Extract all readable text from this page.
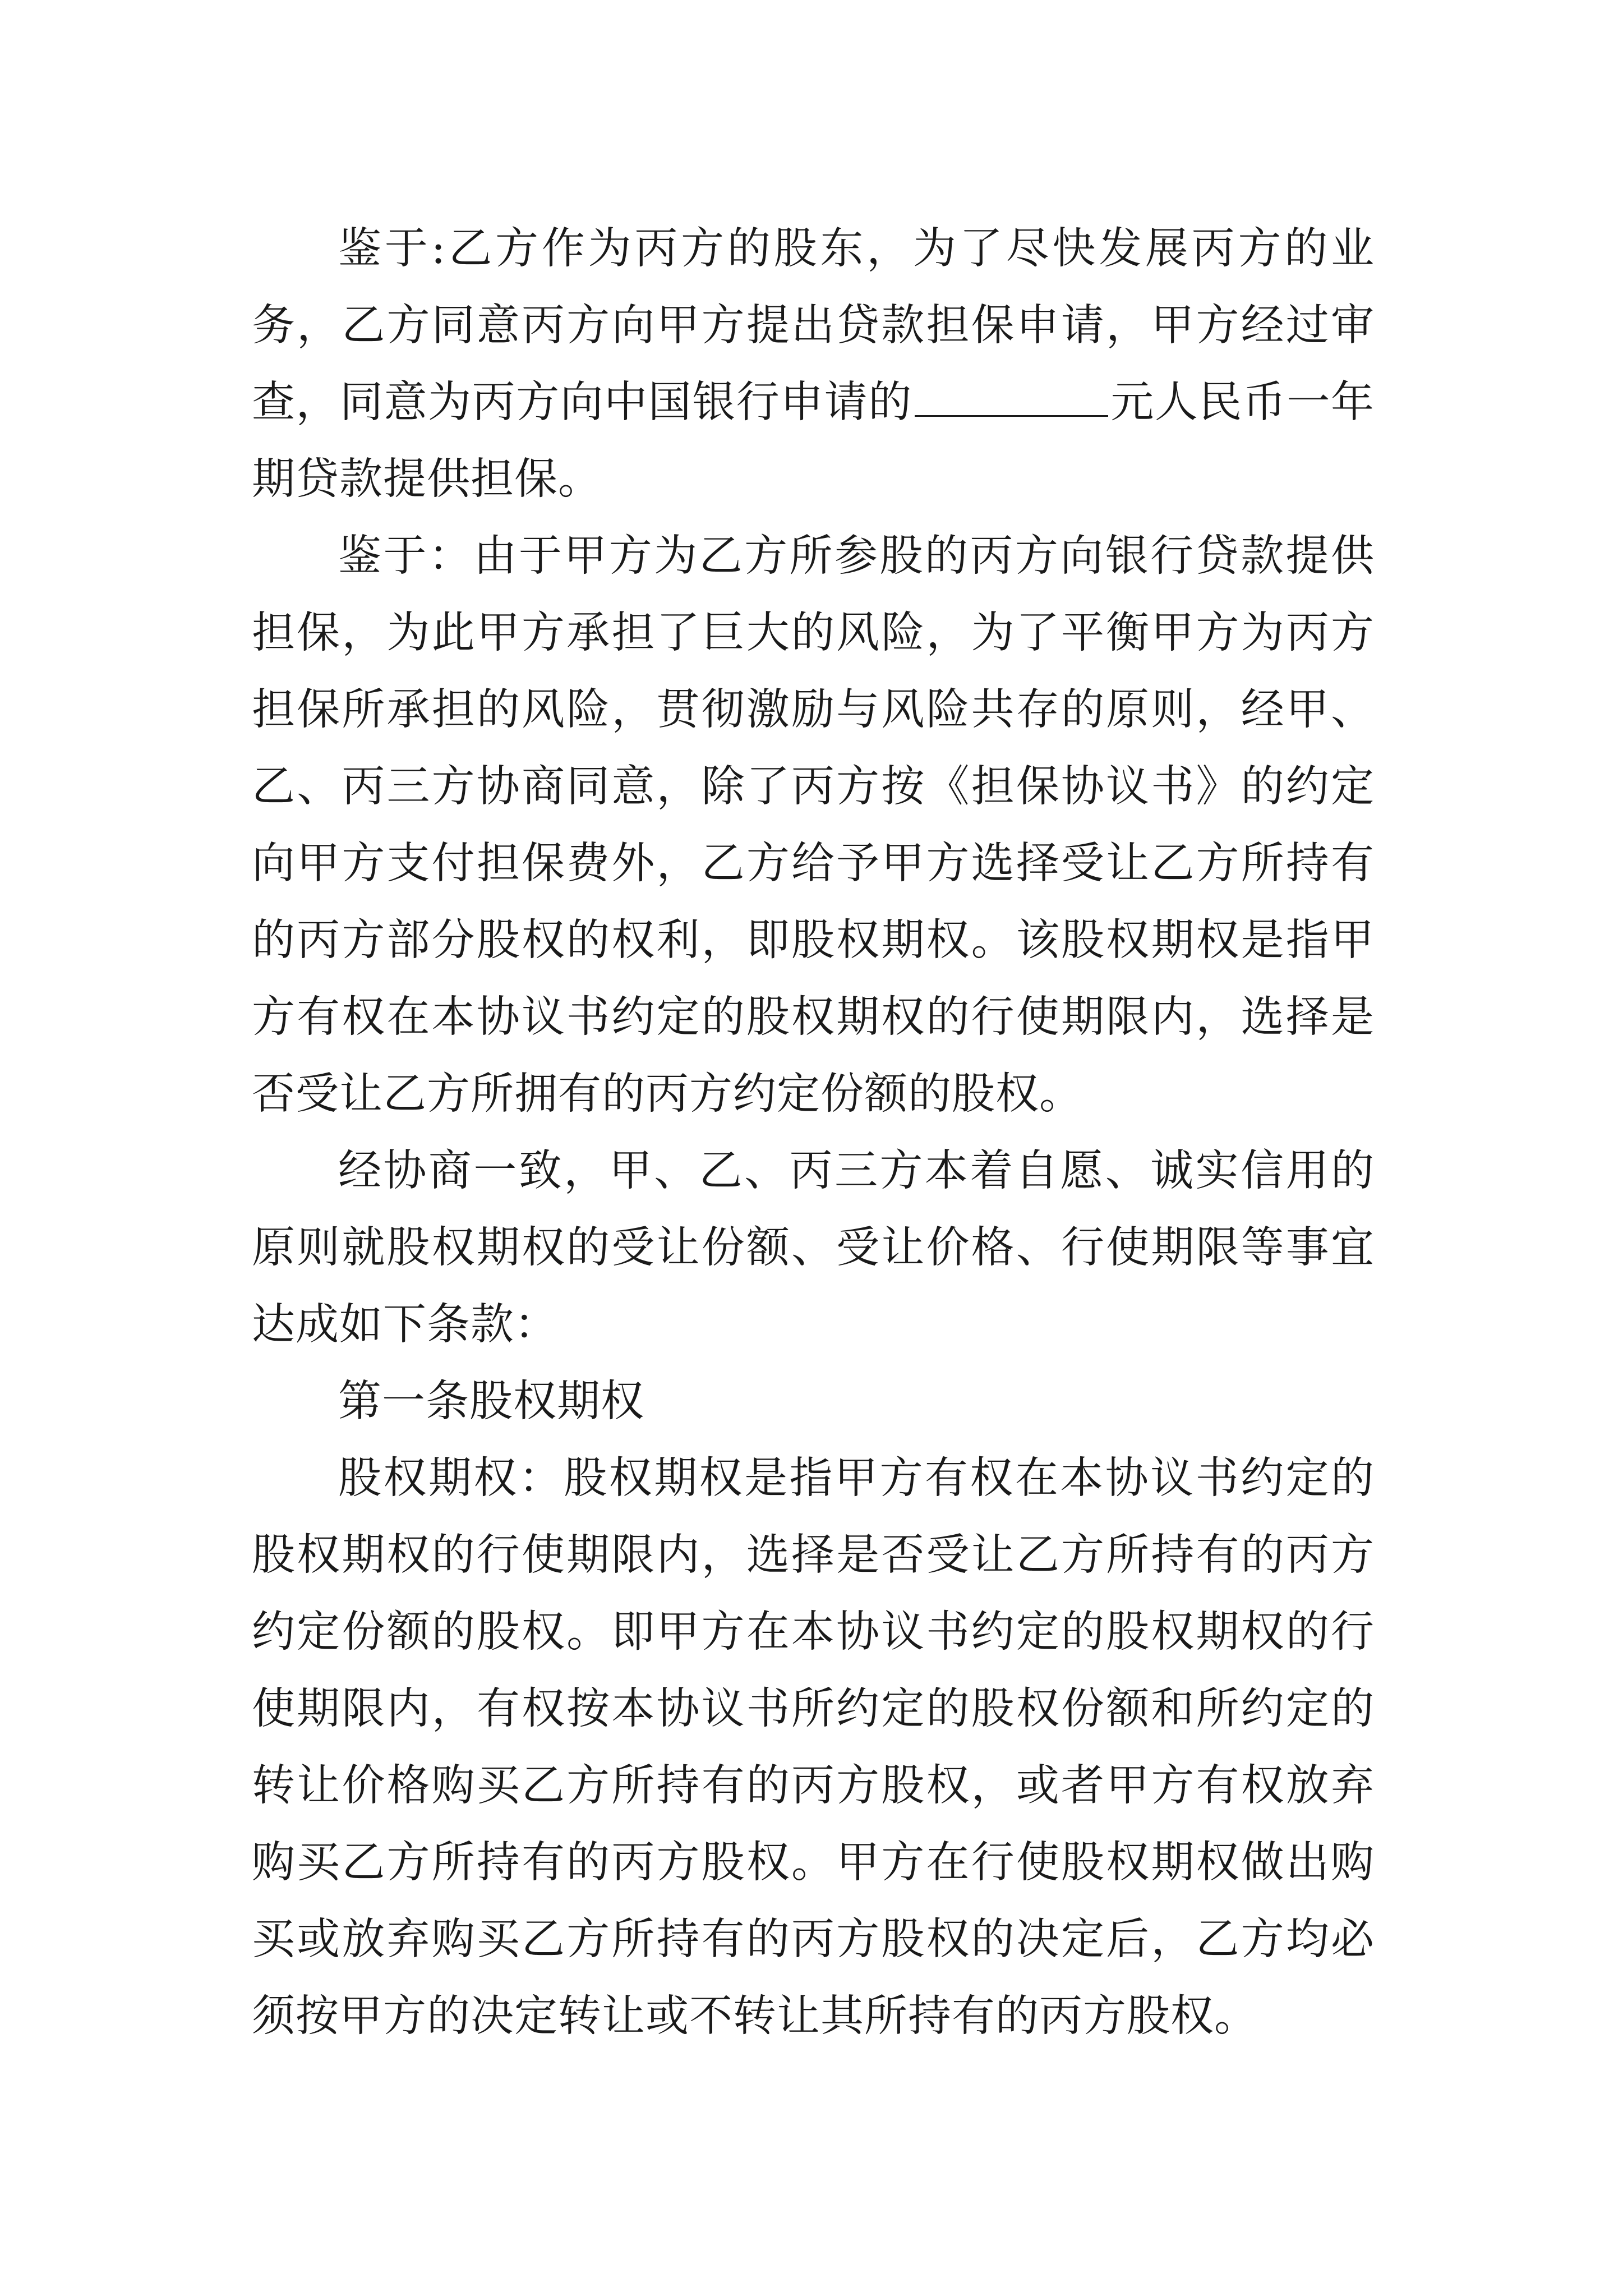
鉴于:乙方作为丙方的股东，为了尽快发展丙方的业务，乙方同意丙方向甲方提出贷款担保申请，甲方经过审查，同意为丙方向中国银行申请的	元人民币一年期贷款提供担保。

鉴于：由于甲方为乙方所参股的丙方向银行贷款提供担保，为此甲方承担了巨大的风险，为了平衡甲方为丙方担保所承担的风险，贯彻激励与风险共存的原则，经甲、乙、丙三方协商同意，除了丙方按《担保协议书》的约定向甲方支付担保费外，乙方给予甲方选择受让乙方所持有的丙方部分股权的权利，即股权期权。该股权期权是指甲方有权在本协议书约定的股权期权的行使期限内，选择是否受让乙方所拥有的丙方约定份额的股权。

经协商一致，甲、乙、丙三方本着自愿、诚实信用的原则就股权期权的受让份额、受让价格、行使期限等事宜达成如下条款：

第一条股权期权

股权期权：股权期权是指甲方有权在本协议书约定的股权期权的行使期限内，选择是否受让乙方所持有的丙方约定份额的股权。即甲方在本协议书约定的股权期权的行使期限内，有权按本协议书所约定的股权份额和所约定的转让价格购买乙方所持有的丙方股权，或者甲方有权放弃购买乙方所持有的丙方股权。甲方在行使股权期权做出购买或放弃购买乙方所持有的丙方股权的决定后，乙方均必须按甲方的决定转让或不转让其所持有的丙方股权。
